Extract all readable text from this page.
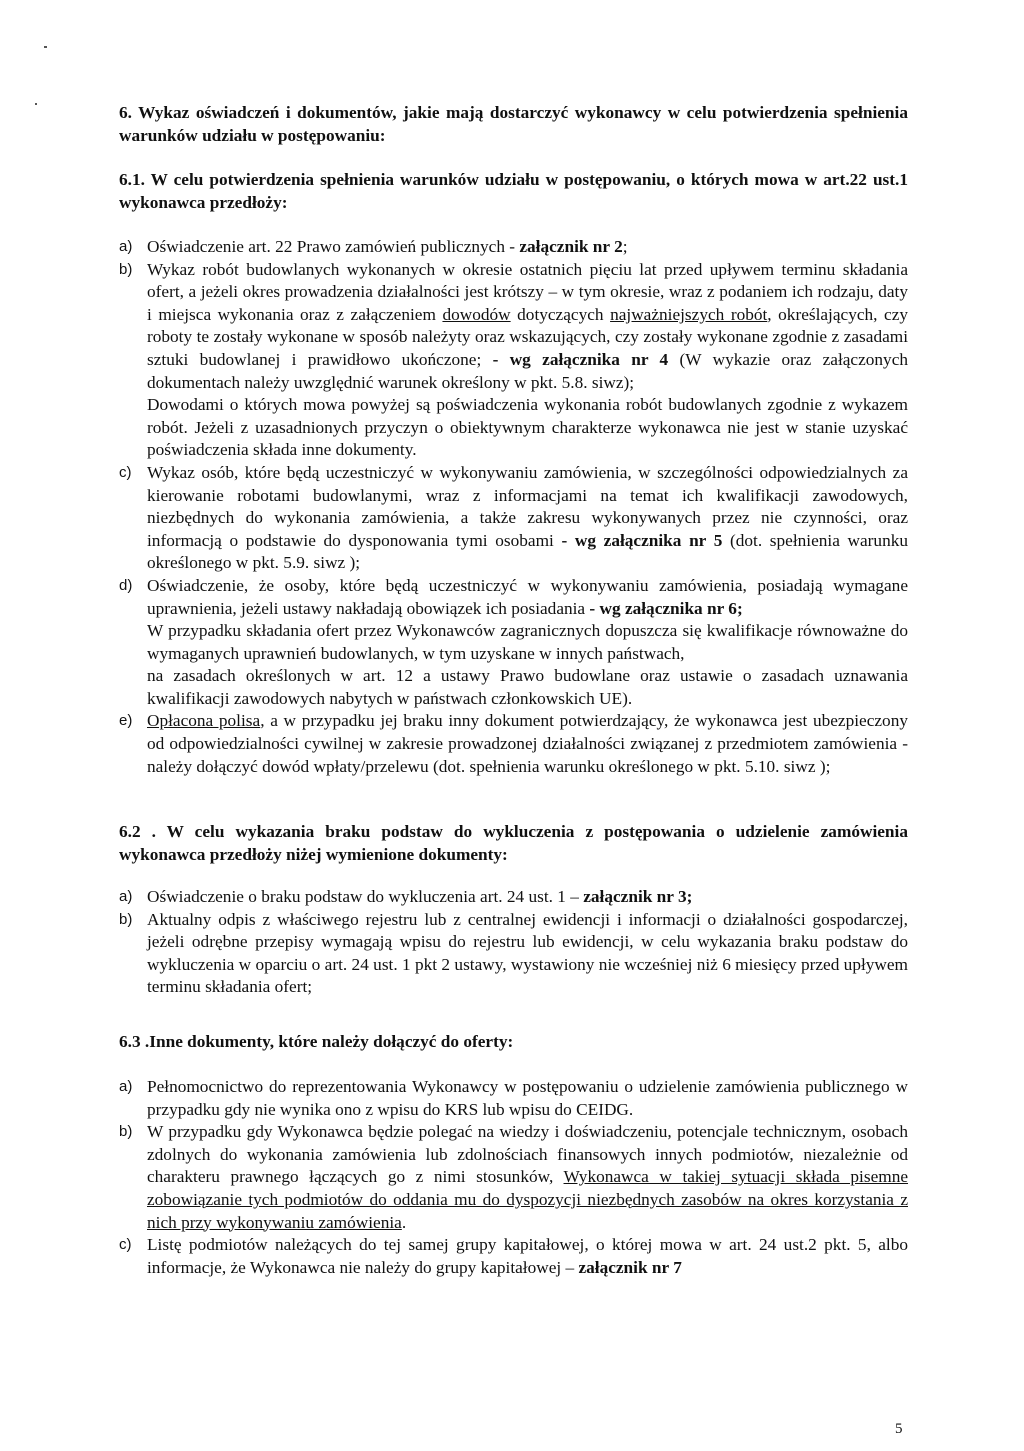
6. Wykaz oświadczeń i dokumentów, jakie mają dostarczyć wykonawcy w celu potwierdzenia spełnienia warunków udziału w postępowaniu:

6.1. W celu potwierdzenia spełnienia warunków udziału w postępowaniu, o których mowa w art.22 ust.1 wykonawca przedłoży:

a) Oświadczenie art. 22 Prawo zamówień publicznych - załącznik nr 2;
b) Wykaz robót budowlanych wykonanych w okresie ostatnich pięciu lat przed upływem terminu składania ofert, a jeżeli okres prowadzenia działalności jest krótszy – w tym okresie, wraz z podaniem ich rodzaju, daty i miejsca wykonania oraz z załączeniem dowodów dotyczących najważniejszych robót, określających, czy roboty te zostały wykonane w sposób należyty oraz wskazujących, czy zostały wykonane zgodnie z zasadami sztuki budowlanej i prawidłowo ukończone; - wg załącznika nr 4 (W wykazie oraz załączonych dokumentach należy uwzględnić warunek określony w pkt. 5.8. siwz);
Dowodami o których mowa powyżej są poświadczenia wykonania robót budowlanych zgodnie z wykazem robót. Jeżeli z uzasadnionych przyczyn o obiektywnym charakterze wykonawca nie jest w stanie uzyskać poświadczenia składa inne dokumenty.
c) Wykaz osób, które będą uczestniczyć w wykonywaniu zamówienia, w szczególności odpowiedzialnych za kierowanie robotami budowlanymi, wraz z informacjami na temat ich kwalifikacji zawodowych, niezbędnych do wykonania zamówienia, a także zakresu wykonywanych przez nie czynności, oraz informacją o podstawie do dysponowania tymi osobami - wg załącznika nr 5 (dot. spełnienia warunku określonego w pkt. 5.9. siwz );
d) Oświadczenie, że osoby, które będą uczestniczyć w wykonywaniu zamówienia, posiadają wymagane uprawnienia, jeżeli ustawy nakładają obowiązek ich posiadania - wg załącznika nr 6;
W przypadku składania ofert przez Wykonawców zagranicznych dopuszcza się kwalifikacje równoważne do wymaganych uprawnień budowlanych, w tym uzyskane w innych państwach,
na zasadach określonych w art. 12 a ustawy Prawo budowlane oraz ustawie o zasadach uznawania kwalifikacji zawodowych nabytych w państwach członkowskich UE).
e) Opłacona polisa, a w przypadku jej braku inny dokument potwierdzający, że wykonawca jest ubezpieczony od odpowiedzialności cywilnej w zakresie prowadzonej działalności związanej z przedmiotem zamówienia - należy dołączyć dowód wpłaty/przelewu (dot. spełnienia warunku określonego w pkt. 5.10. siwz );

6.2 . W celu wykazania braku podstaw do wykluczenia z postępowania o udzielenie zamówienia wykonawca przedłoży niżej wymienione dokumenty:

a) Oświadczenie o braku podstaw do wykluczenia art. 24 ust. 1 – załącznik nr 3;
b) Aktualny odpis z właściwego rejestru lub z centralnej ewidencji i informacji o działalności gospodarczej, jeżeli odrębne przepisy wymagają wpisu do rejestru lub ewidencji, w celu wykazania braku podstaw do wykluczenia w oparciu o art. 24 ust. 1 pkt 2 ustawy, wystawiony nie wcześniej niż 6 miesięcy przed upływem terminu składania ofert;

6.3 .Inne dokumenty, które należy dołączyć do oferty:

a) Pełnomocnictwo do reprezentowania Wykonawcy w postępowaniu o udzielenie zamówienia publicznego w przypadku gdy nie wynika ono z wpisu do KRS lub wpisu do CEIDG.
b) W przypadku gdy Wykonawca będzie polegać na wiedzy i doświadczeniu, potencjale technicznym, osobach zdolnych do wykonania zamówienia lub zdolnościach finansowych innych podmiotów, niezależnie od charakteru prawnego łączących go z nimi stosunków, Wykonawca w takiej sytuacji składa pisemne zobowiązanie tych podmiotów do oddania mu do dyspozycji niezbędnych zasobów na okres korzystania z nich przy wykonywaniu zamówienia.
c) Listę podmiotów należących do tej samej grupy kapitałowej, o której mowa w art. 24 ust.2 pkt. 5, albo informacje, że Wykonawca nie należy do grupy kapitałowej – załącznik nr 7
5
